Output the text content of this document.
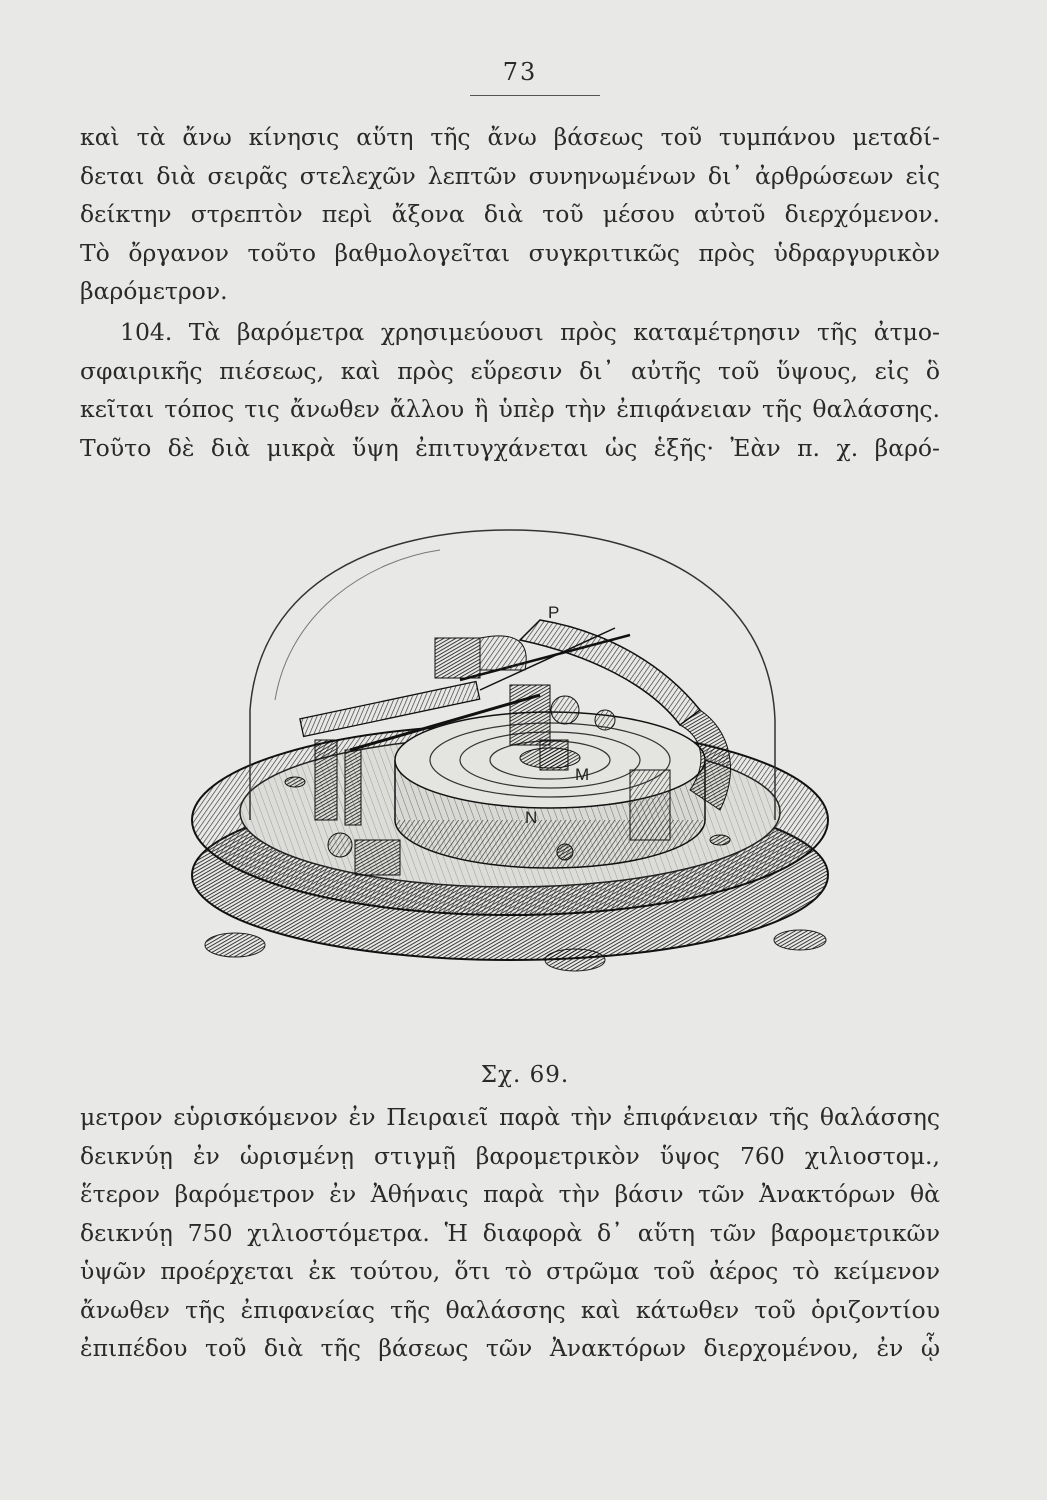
73
καὶ τὰ ἄνω κίνησις αὕτη τῆς ἄνω βάσεως τοῦ τυμπάνου μεταδί-
δεται διὰ σειρᾶς στελεχῶν λεπτῶν συνηνωμένων δι᾽ ἀρθρώσεων εἰς
δείκτην στρεπτὸν περὶ ἄξονα διὰ τοῦ μέσου αὐτοῦ διερχόμενον.
Τὸ ὄργανον τοῦτο βαθμολογεῖται συγκριτικῶς πρὸς ὑδραργυρικὸν
βαρόμετρον.
104. Τὰ βαρόμετρα χρησιμεύουσι πρὸς καταμέτρησιν τῆς ἀτμο-
σφαιρικῆς πιέσεως, καὶ πρὸς εὕρεσιν δι᾽ αὐτῆς τοῦ ὕψους, εἰς ὃ
κεῖται τόπος τις ἄνωθεν ἄλλου ἢ ὑπὲρ τὴν ἐπιφάνειαν τῆς θαλάσσης.
Τοῦτο δὲ διὰ μικρὰ ὕψη ἐπιτυγχάνεται ὡς ἑξῆς· Ἐὰν π. χ. βαρό-
P
M
N
Σχ. 69.
μετρον εὑρισκόμενον ἐν Πειραιεῖ παρὰ τὴν ἐπιφάνειαν τῆς θαλάσσης
δεικνύῃ ἐν ὡρισμένῃ στιγμῇ βαρομετρικὸν ὕψος 760 χιλιοστομ.,
ἕτερον βαρόμετρον ἐν Ἀθήναις παρὰ τὴν βάσιν τῶν Ἀνακτόρων θὰ
δεικνύῃ 750 χιλιοστόμετρα. Ἡ διαφορὰ δ᾽ αὕτη τῶν βαρομετρικῶν
ὑψῶν προέρχεται ἐκ τούτου, ὅτι τὸ στρῶμα τοῦ ἀέρος τὸ κείμενον
ἄνωθεν τῆς ἐπιφανείας τῆς θαλάσσης καὶ κάτωθεν τοῦ ὁριζοντίου
ἐπιπέδου τοῦ διὰ τῆς βάσεως τῶν Ἀνακτόρων διερχομένου, ἐν ᾧ
